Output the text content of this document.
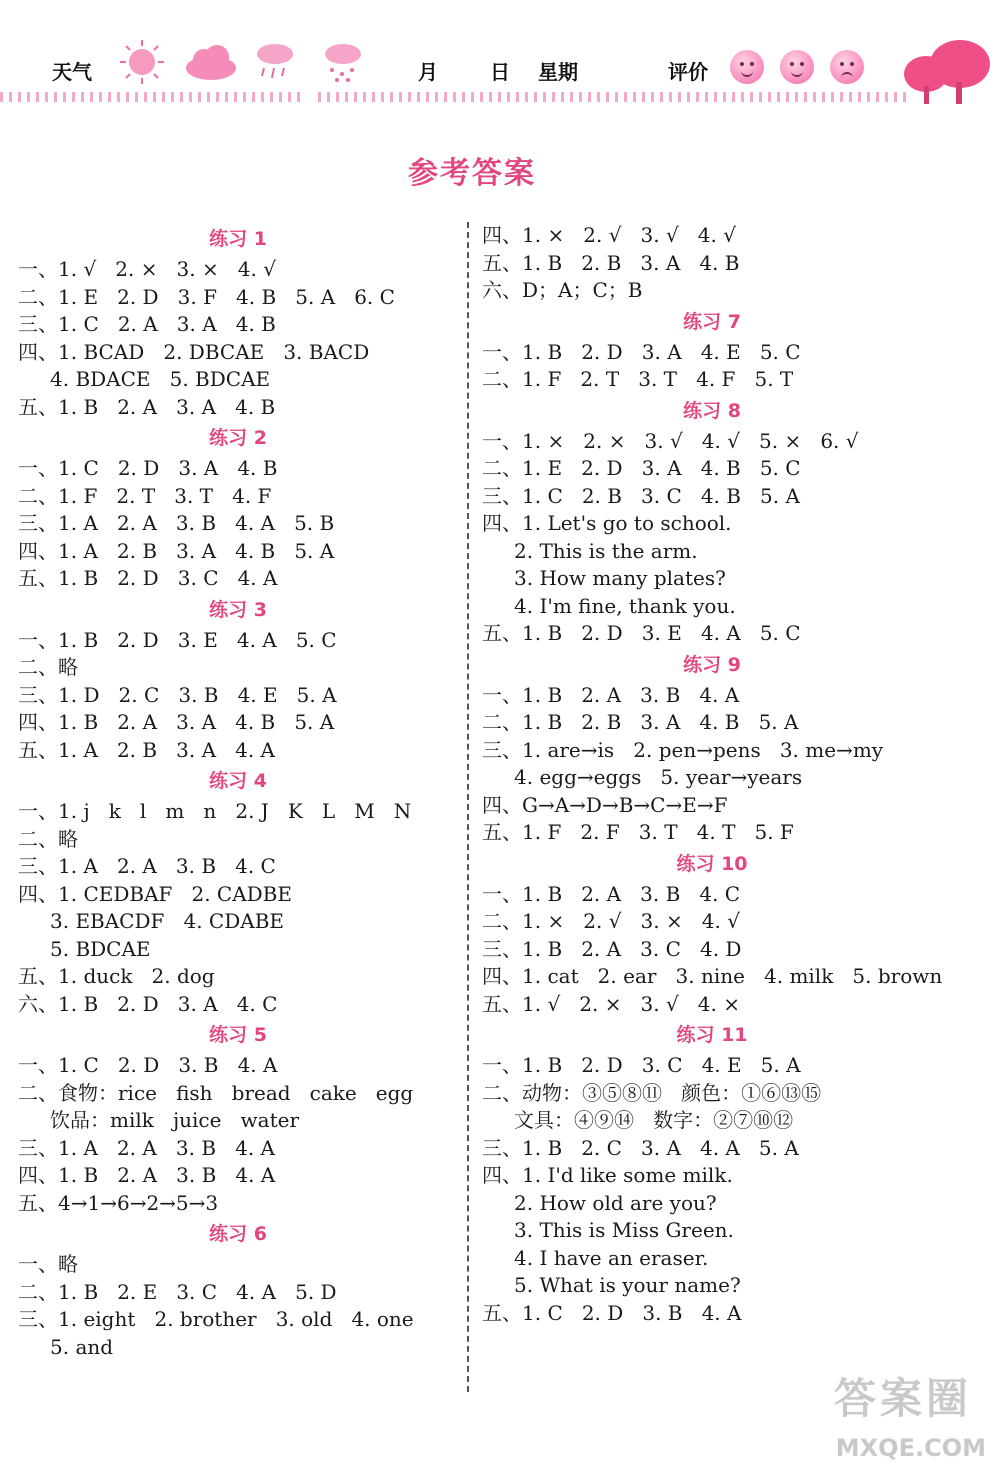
天气	月	日 星期	评价
参考答案
练习 1
一、1. √   2. ×   3. ×   4. √
二、1. E   2. D   3. F   4. B   5. A   6. C
三、1. C   2. A   3. A   4. B
四、1. BCAD   2. DBCAE   3. BACD
4. BDACE   5. BDCAE
五、1. B   2. A   3. A   4. B
练习 2
一、1. C   2. D   3. A   4. B
二、1. F   2. T   3. T   4. F
三、1. A   2. A   3. B   4. A   5. B
四、1. A   2. B   3. A   4. B   5. A
五、1. B   2. D   3. C   4. A
练习 3
一、1. B   2. D   3. E   4. A   5. C
二、略
三、1. D   2. C   3. B   4. E   5. A
四、1. B   2. A   3. A   4. B   5. A
五、1. A   2. B   3. A   4. A
练习 4
一、1. j   k   l   m   n   2. J   K   L   M   N
二、略
三、1. A   2. A   3. B   4. C
四、1. CEDBAF   2. CADBE
3. EBACDF   4. CDABE
5. BDCAE
五、1. duck   2. dog
六、1. B   2. D   3. A   4. C
练习 5
一、1. C   2. D   3. B   4. A
二、食物：rice   fish   bread   cake   egg
饮品：milk   juice   water
三、1. A   2. A   3. B   4. A
四、1. B   2. A   3. B   4. A
五、4→1→6→2→5→3
练习 6
一、略
二、1. B   2. E   3. C   4. A   5. D
三、1. eight   2. brother   3. old   4. one
5. and
四、1. ×   2. √   3. √   4. √
五、1. B   2. B   3. A   4. B
六、D；A；C；B
练习 7
一、1. B   2. D   3. A   4. E   5. C
二、1. F   2. T   3. T   4. F   5. T
练习 8
一、1. ×   2. ×   3. √   4. √   5. ×   6. √
二、1. E   2. D   3. A   4. B   5. C
三、1. C   2. B   3. C   4. B   5. A
四、1. Let's go to school.
2. This is the arm.
3. How many plates?
4. I'm fine, thank you.
五、1. B   2. D   3. E   4. A   5. C
练习 9
一、1. B   2. A   3. B   4. A
二、1. B   2. B   3. A   4. B   5. A
三、1. are→is   2. pen→pens   3. me→my
4. egg→eggs   5. year→years
四、G→A→D→B→C→E→F
五、1. F   2. F   3. T   4. T   5. F
练习 10
一、1. B   2. A   3. B   4. C
二、1. ×   2. √   3. ×   4. √
三、1. B   2. A   3. C   4. D
四、1. cat   2. ear   3. nine   4. milk   5. brown
五、1. √   2. ×   3. √   4. ×
练习 11
一、1. B   2. D   3. C   4. E   5. A
二、动物：③⑤⑧⑪   颜色：①⑥⑬⑮
文具：④⑨⑭   数字：②⑦⑩⑫
三、1. B   2. C   3. A   4. A   5. A
四、1. I'd like some milk.
2. How old are you?
3. This is Miss Green.
4. I have an eraser.
5. What is your name?
五、1. C   2. D   3. B   4. A
答案圈
MXQE.COM
